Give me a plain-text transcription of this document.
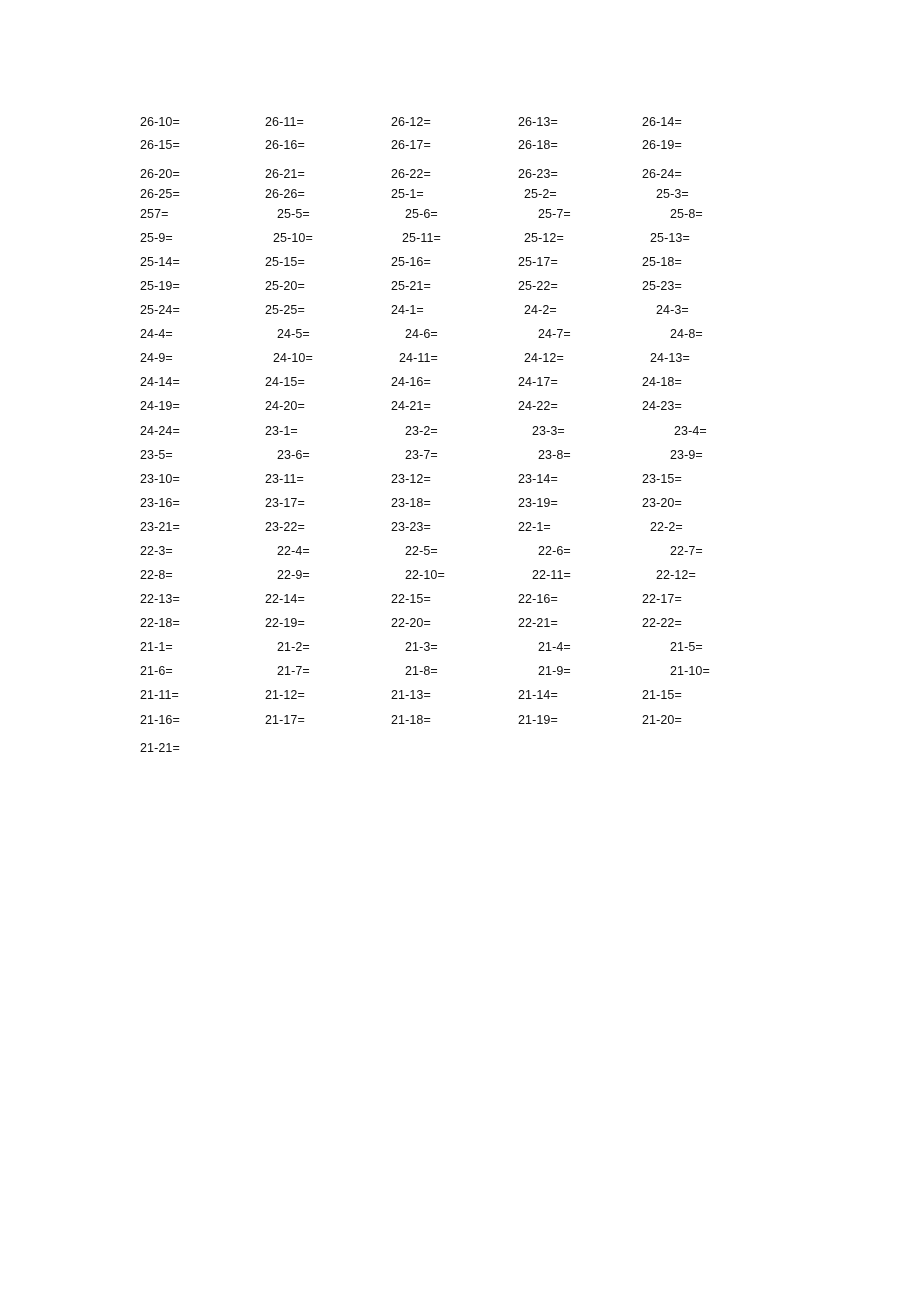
26-10=	26-11=	26-12=	26-13=	26-14=
26-15=	26-16=	26-17=	26-18=	26-19=
26-20=	26-21=	26-22=	26-23=	26-24=
26-25=	26-26=	25-1=	25-2=	25-3=
257=	25-5=	25-6=	25-7=	25-8=
25-9=	25-10=	25-11=	25-12=	25-13=
25-14=	25-15=	25-16=	25-17=	25-18=
25-19=	25-20=	25-21=	25-22=	25-23=
25-24=	25-25=	24-1=	24-2=	24-3=
24-4=	24-5=	24-6=	24-7=	24-8=
24-9=	24-10=	24-11=	24-12=	24-13=
24-14=	24-15=	24-16=	24-17=	24-18=
24-19=	24-20=	24-21=	24-22=	24-23=
24-24=	23-1=	23-2=	23-3=	23-4=
23-5=	23-6=	23-7=	23-8=	23-9=
23-10=	23-11=	23-12=	23-14=	23-15=
23-16=	23-17=	23-18=	23-19=	23-20=
23-21=	23-22=	23-23=	22-1=	22-2=
22-3=	22-4=	22-5=	22-6=	22-7=
22-8=	22-9=	22-10=	22-11=	22-12=
22-13=	22-14=	22-15=	22-16=	22-17=
22-18=	22-19=	22-20=	22-21=	22-22=
21-1=	21-2=	21-3=	21-4=	21-5=
21-6=	21-7=	21-8=	21-9=	21-10=
21-11=	21-12=	21-13=	21-14=	21-15=
21-16=	21-17=	21-18=	21-19=	21-20=
21-21=
